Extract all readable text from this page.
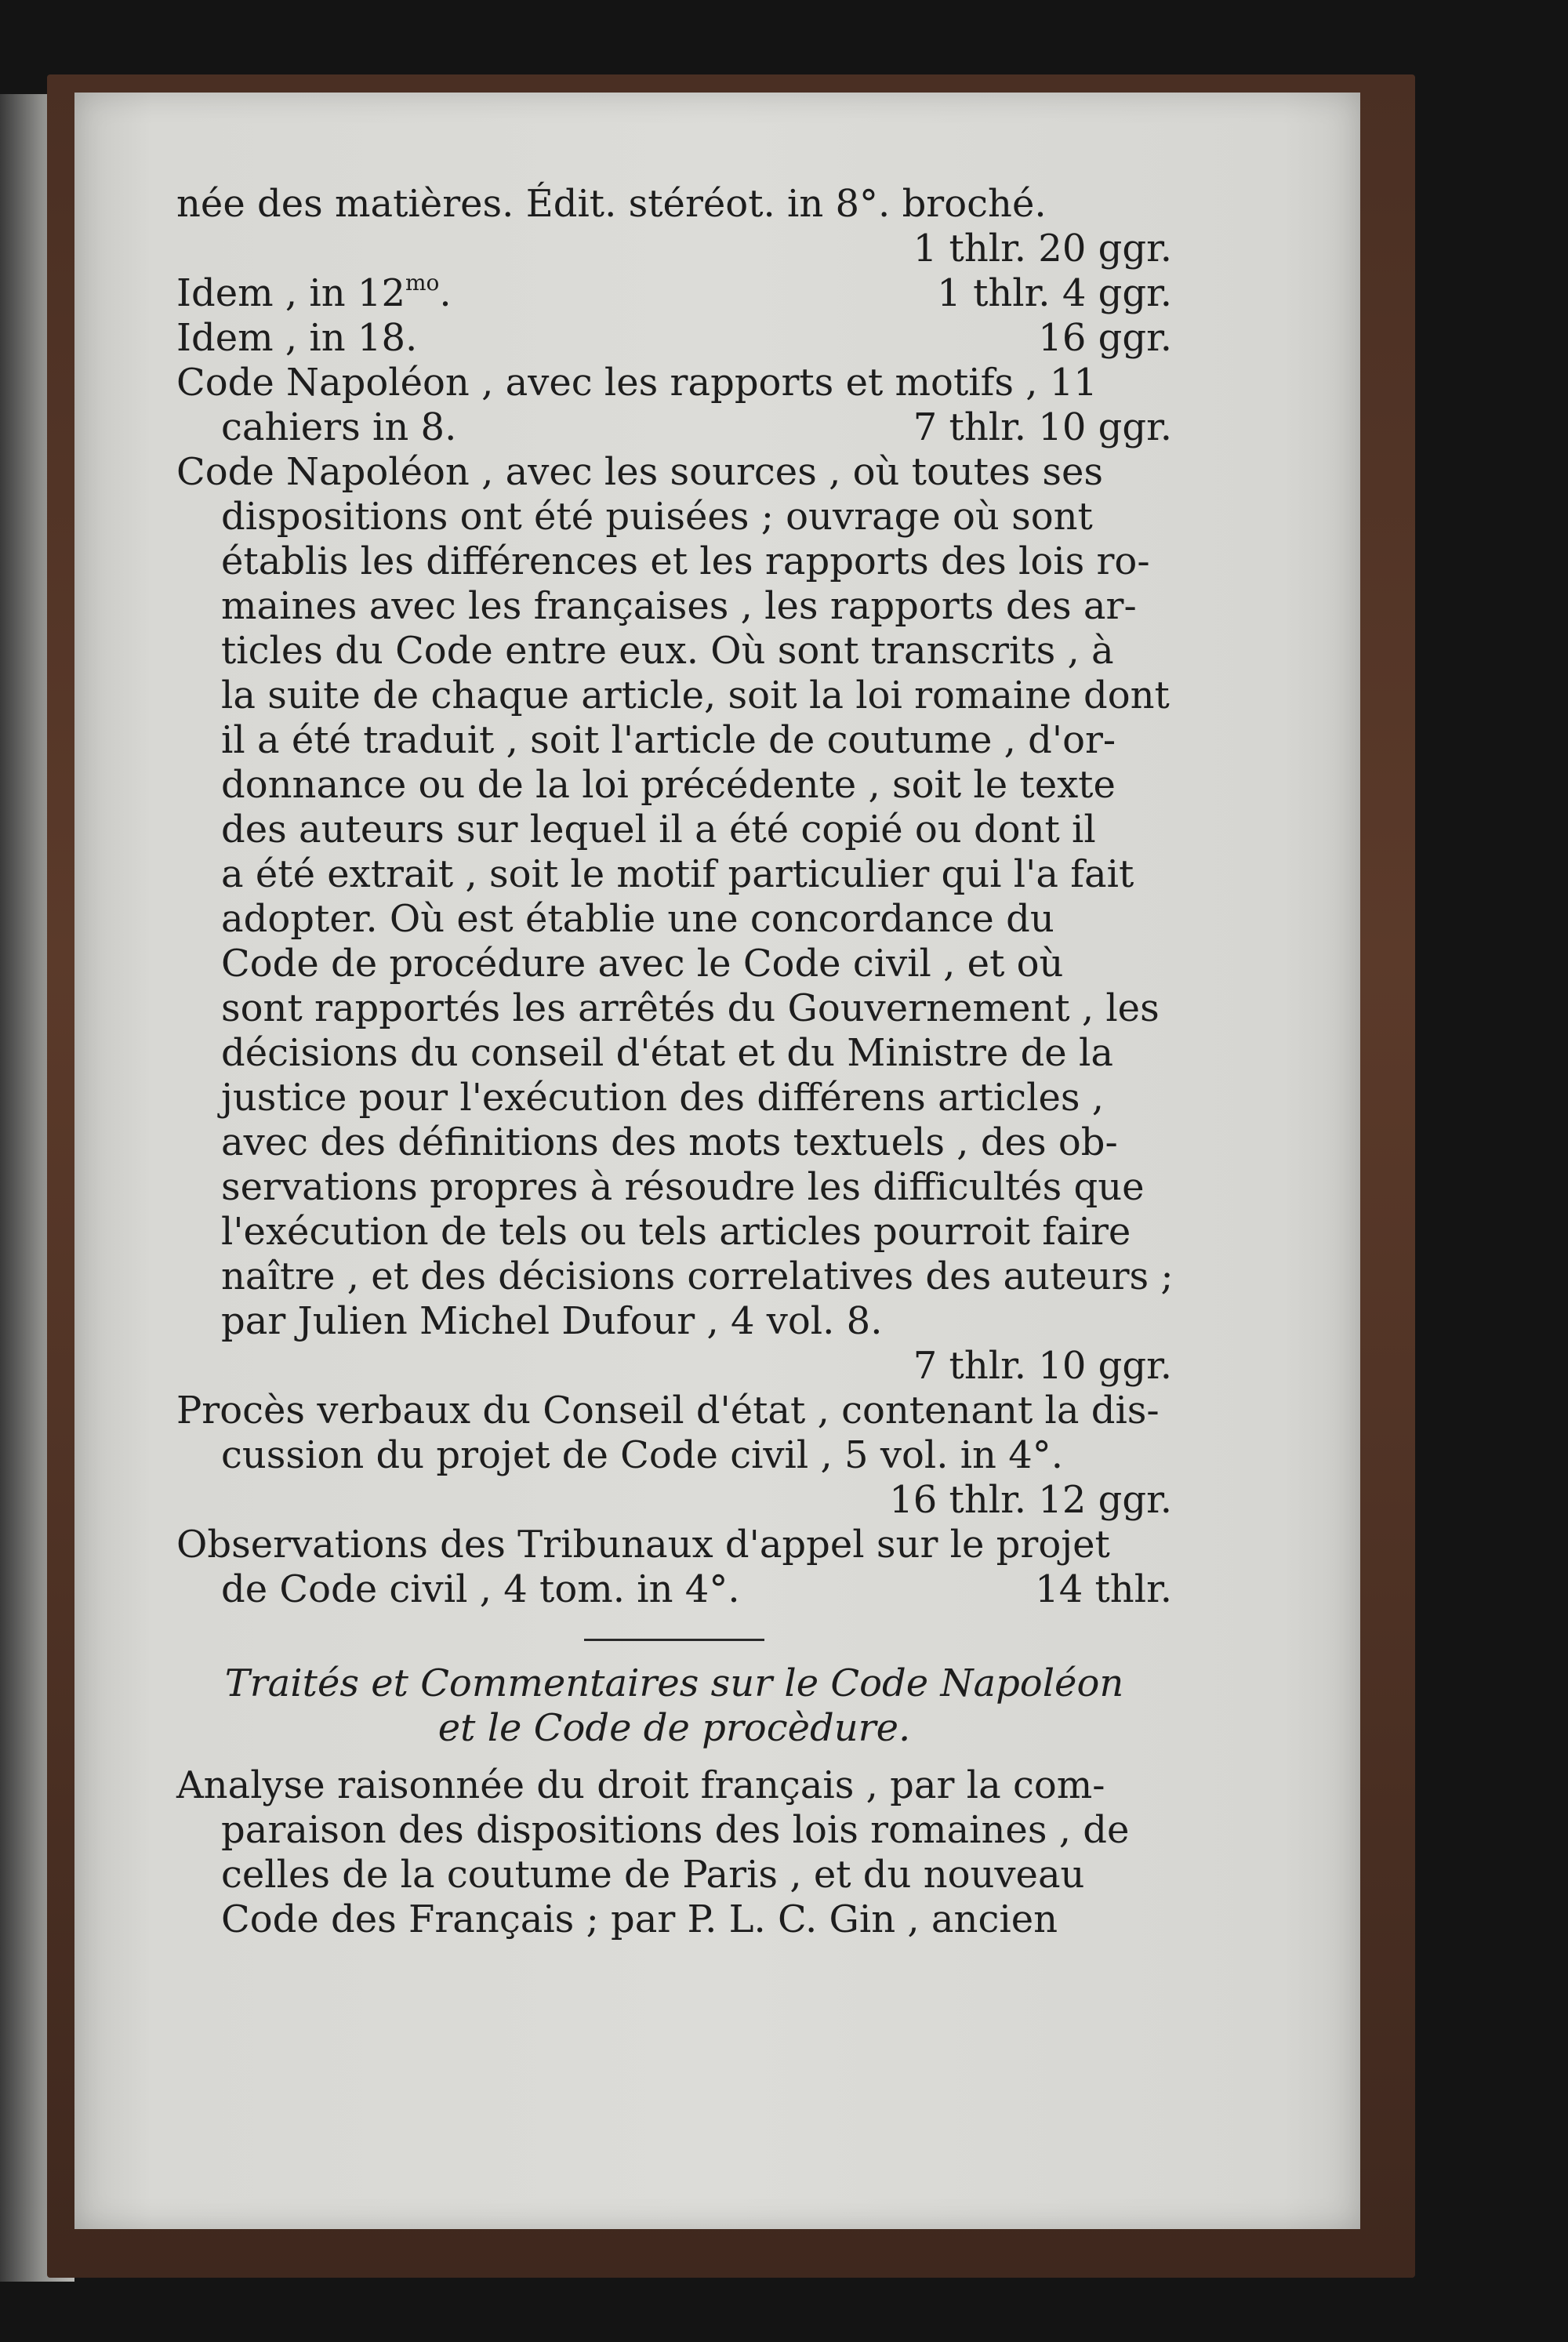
née des matières. Édit. stéréot. in 8°. broché.
1 thlr. 20 ggr.
Idem , in $12^{mo}$.	1 thlr. 4 ggr.
Idem , in 18.	16 ggr.
Code Napoléon , avec les rapports et motifs , 11
cahiers in 8.	7 thlr. 10 ggr.
Code Napoléon , avec les sources , où toutes ses
dispositions ont été puisées ; ouvrage où sont
établis les différences et les rapports des lois ro-
maines avec les françaises , les rapports des ar-
ticles du Code entre eux. Où sont transcrits , à
la suite de chaque article, soit la loi romaine dont
il a été traduit , soit l'article de coutume , d'or-
donnance ou de la loi précédente , soit le texte
des auteurs sur lequel il a été copié ou dont il
a été extrait , soit le motif particulier qui l'a fait
adopter. Où est établie une concordance du
Code de procédure avec le Code civil , et où
sont rapportés les arrêtés du Gouvernement , les
décisions du conseil d'état et du Ministre de la
justice pour l'exécution des différens articles ,
avec des définitions des mots textuels , des ob-
servations propres à résoudre les difficultés que
l'exécution de tels ou tels articles pourroit faire
naître , et des décisions correlatives des auteurs ;
par Julien Michel Dufour , 4 vol. 8.
7 thlr. 10 ggr.
Procès verbaux du Conseil d'état , contenant la dis-
cussion du projet de Code civil , 5 vol. in 4°.
16 thlr. 12 ggr.
Observations des Tribunaux d'appel sur le projet
de Code civil , 4 tom. in 4°.	14 thlr.
Traités et Commentaires sur le Code Napoléon
et le Code de procèdure.
Analyse raisonnée du droit français , par la com-
paraison des dispositions des lois romaines , de
celles de la coutume de Paris , et du nouveau
Code des Français ; par P. L. C. Gin , ancien
